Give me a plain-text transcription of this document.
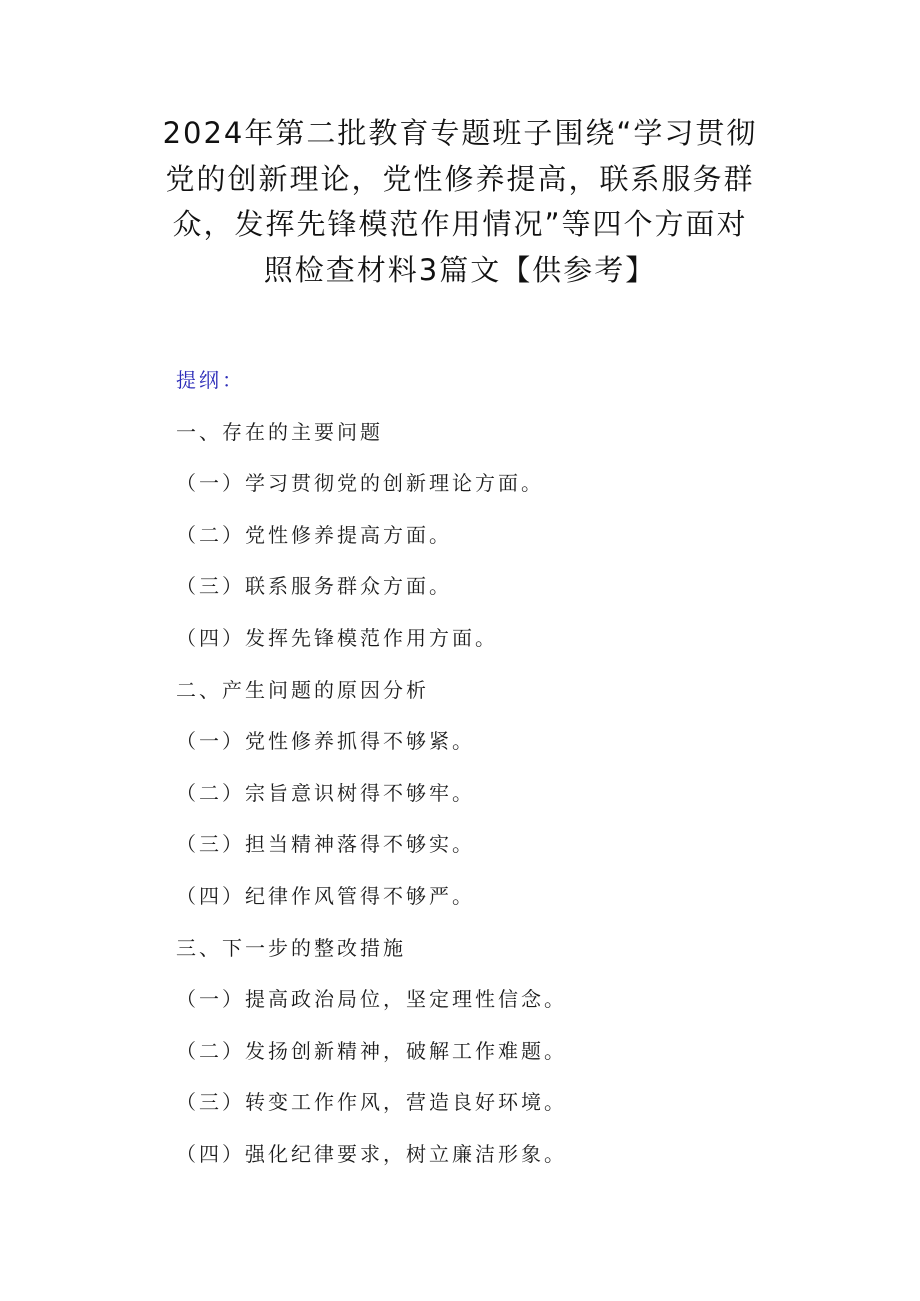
2024年第二批教育专题班子围绕“学习贯彻
党的创新理论，党性修养提高，联系服务群
众，发挥先锋模范作用情况”等四个方面对
照检查材料3篇文【供参考】
提纲：
一、存在的主要问题
（一）学习贯彻党的创新理论方面。
（二）党性修养提高方面。
（三）联系服务群众方面。
（四）发挥先锋模范作用方面。
二、产生问题的原因分析
（一）党性修养抓得不够紧。
（二）宗旨意识树得不够牢。
（三）担当精神落得不够实。
（四）纪律作风管得不够严。
三、下一步的整改措施
（一）提高政治局位，坚定理性信念。
（二）发扬创新精神，破解工作难题。
（三）转变工作作风，营造良好环境。
（四）强化纪律要求，树立廉洁形象。
